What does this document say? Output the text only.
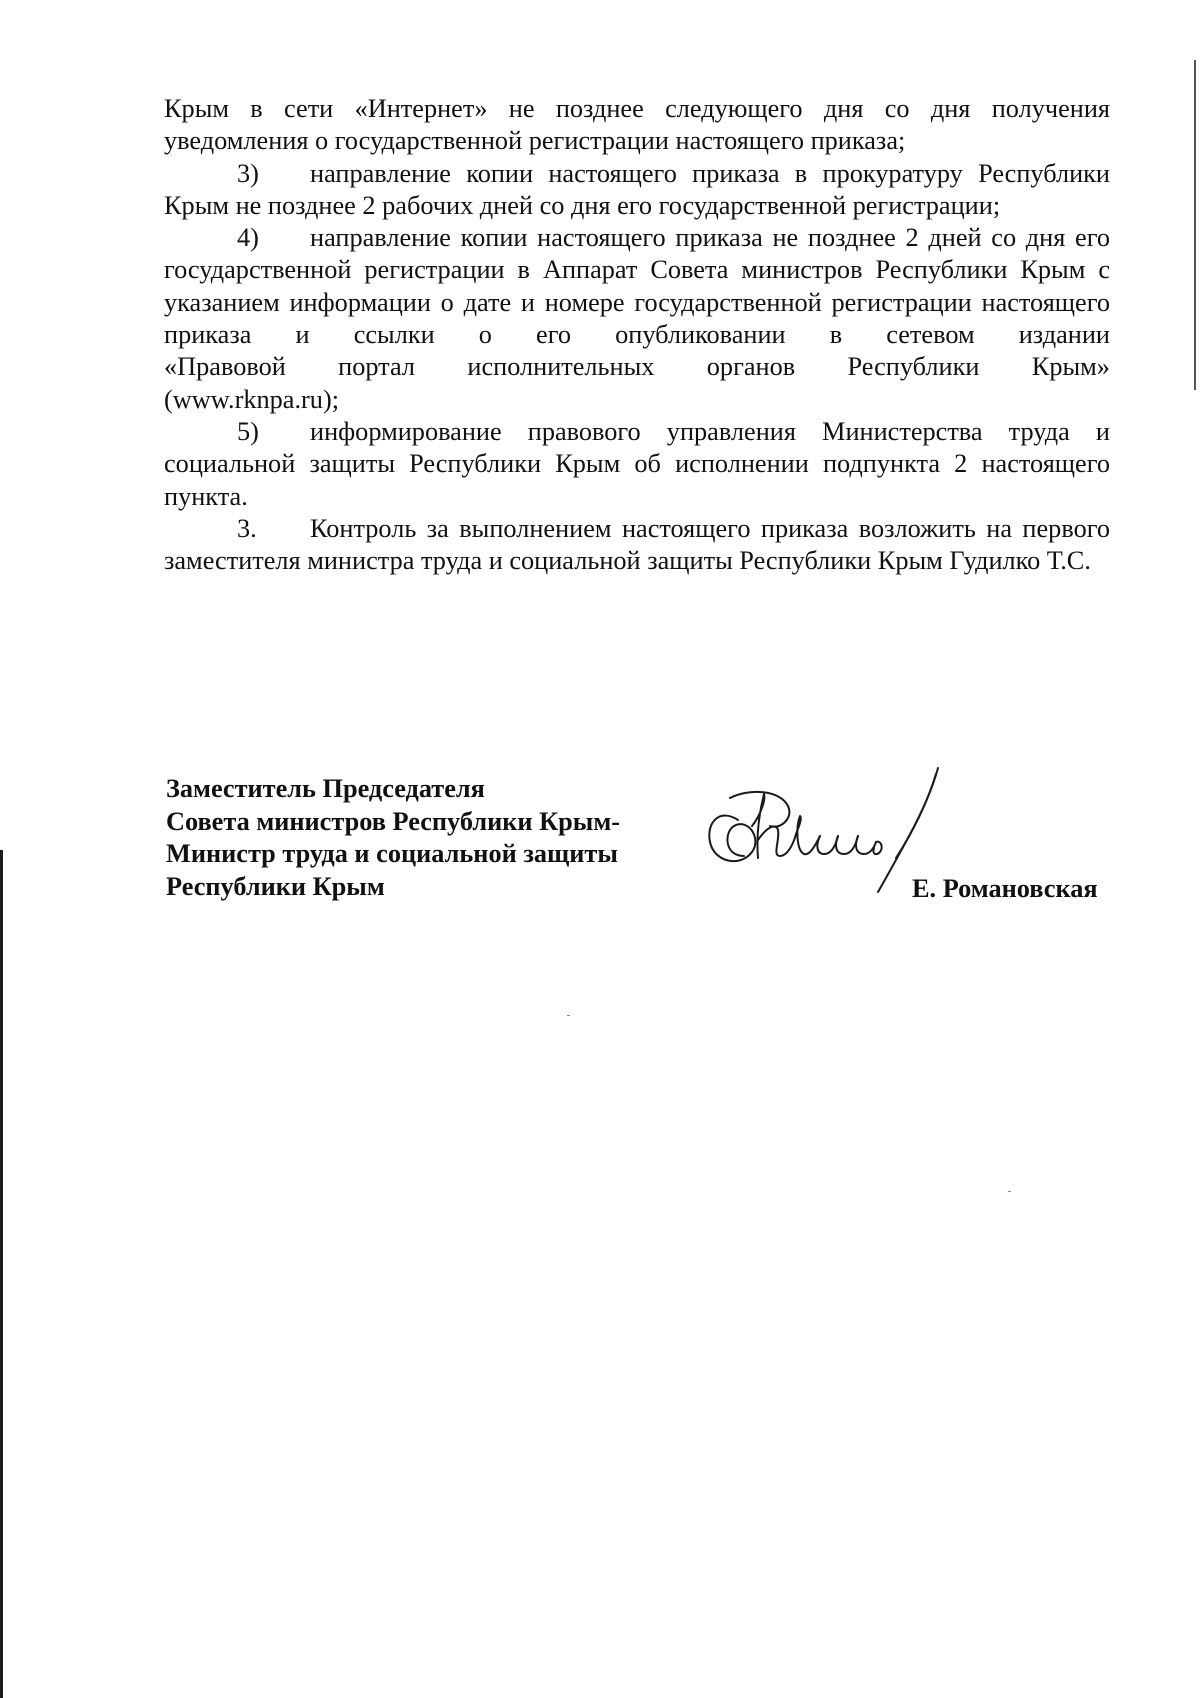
Крым в сети «Интернет» не позднее следующего дня со дня получения
уведомления о государственной регистрации настоящего приказа;

3) направление копии настоящего приказа в прокуратуру Республики Крым не позднее 2 рабочих дней со дня его государственной регистрации;

4) направление копии настоящего приказа не позднее 2 дней со дня его государственной регистрации в Аппарат Совета министров Республики Крым с указанием информации о дате и номере государственной регистрации настоящего приказа и ссылки о его опубликовании в сетевом издании

«Правовой портал исполнительных органов Республики Крым»

(www.rknpa.ru);

5) информирование правового управления Министерства труда и социальной защиты Республики Крым об исполнении подпункта 2 настоящего пункта.

3. Контроль за выполнением настоящего приказа возложить на первого заместителя министра труда и социальной защиты Республики Крым Гудилко Т.С.

Заместитель Председателя
Совета министров Республики Крым-
Министр труда и социальной защиты
Республики Крым	Е. Романовская
